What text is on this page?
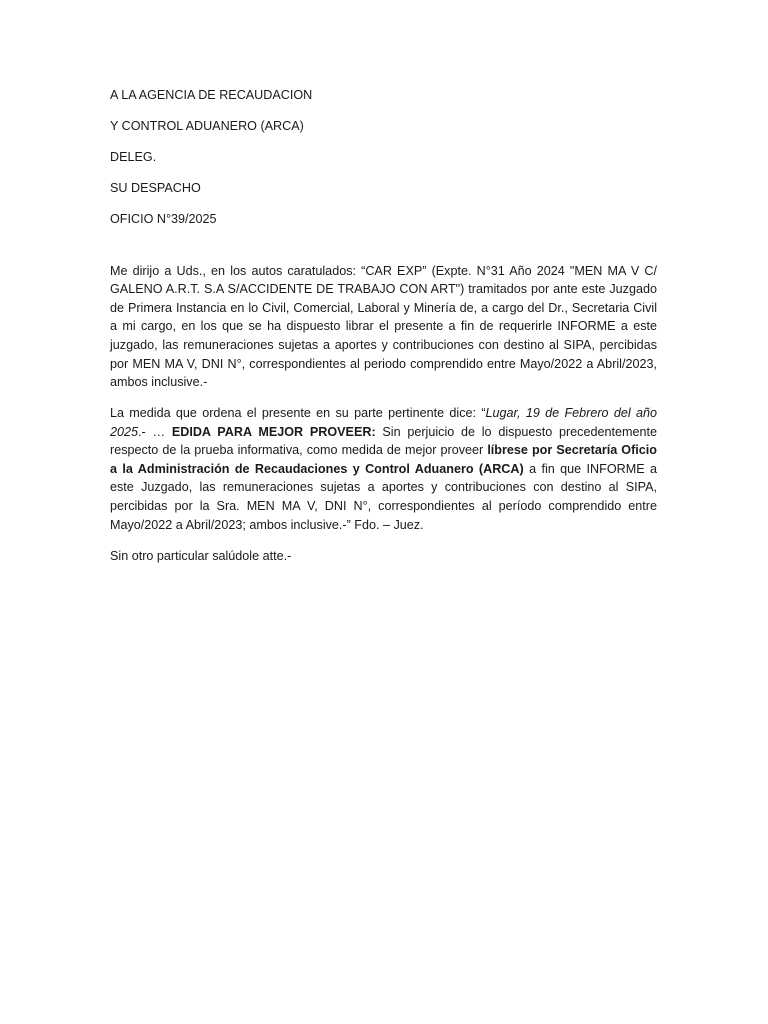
A LA AGENCIA DE RECAUDACION

Y CONTROL ADUANERO (ARCA)

DELEG.

SU DESPACHO

OFICIO N°39/2025

Me dirijo a Uds., en los autos caratulados: “CAR EXP” (Expte. N°31 Año 2024 "MEN MA V C/ GALENO A.R.T. S.A S/ACCIDENTE DE TRABAJO CON ART") tramitados por ante este Juzgado de Primera Instancia en lo Civil, Comercial, Laboral y Minería de, a cargo del Dr., Secretaria Civil a mi cargo, en los que se ha dispuesto librar el presente a fin de requerirle INFORME a este juzgado, las remuneraciones sujetas a aportes y contribuciones con destino al SIPA, percibidas por MEN MA V, DNI N°, correspondientes al periodo comprendido entre Mayo/2022 a Abril/2023, ambos inclusive.-

La medida que ordena el presente en su parte pertinente dice: “Lugar, 19 de Febrero del año 2025.- … EDIDA PARA MEJOR PROVEER: Sin perjuicio de lo dispuesto precedentemente respecto de la prueba informativa, como medida de mejor proveer líbrese por Secretaría Oficio a la Administración de Recaudaciones y Control Aduanero (ARCA) a fin que INFORME a este Juzgado, las remuneraciones sujetas a aportes y contribuciones con destino al SIPA, percibidas por la Sra. MEN MA V, DNI N°, correspondientes al período comprendido entre Mayo/2022 a Abril/2023; ambos inclusive.-” Fdo. – Juez.

Sin otro particular salúdole atte.-
